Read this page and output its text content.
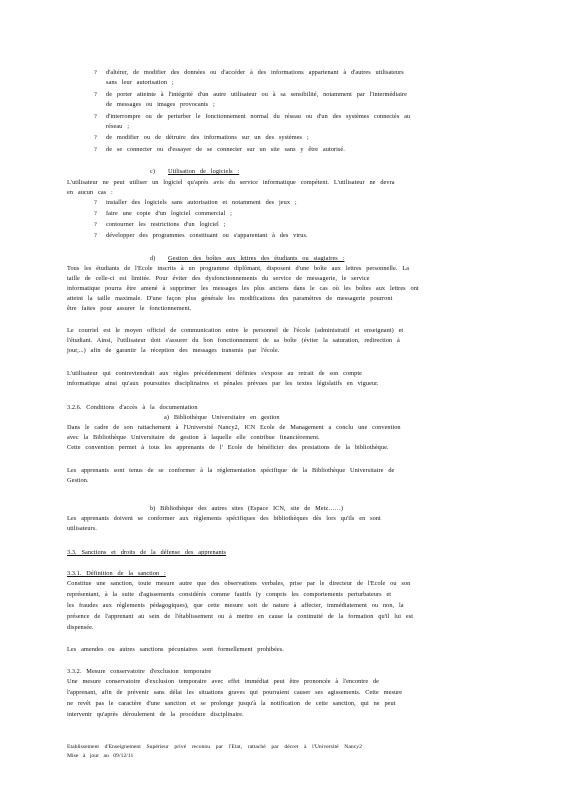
? d'altérer, de modifier des données ou d'accéder à des informations appartenant à d'autres utilisateurs
sans leur autorisation ;
? de porter atteinte à l'intégrité d'un autre utilisateur ou à sa sensibilité, notamment par l'intermédiaire
de messages ou images provocants ;
? d'interrompre ou de perturber le fonctionnement normal du réseau ou d'un des systèmes connectés au
réseau ;
? de modifier ou de détruire des informations sur un des systèmes ;
? de se connecter ou d'essayer de se connecter sur un site sans y être autorisé.
c) Utilisation de logiciels :
L'utilisateur ne peut utiliser un logiciel qu'après avis du service informatique compétent. L'utilisateur ne devra
en aucun cas :
? installer des logiciels sans autorisation et notamment des jeux ;
? faire une copie d'un logiciel commercial ;
? contourner les restrictions d'un logiciel ;
? développer des programmes constituant ou s'apparentant à des virus.
d) Gestion des boîtes aux lettres des étudiants ou stagiaires :
Tous les étudiants de l'Ecole inscrits à un programme diplômant, disposent d'une boîte aux lettres personnelle. La
taille de celle-ci est limitée. Pour éviter des dysfonctionnements du service de messagerie, le service
informatique pourra être amené à supprimer les messages les plus anciens dans le cas où les boîtes aux lettres ont
atteint la taille maximale. D'une façon plus générale les modifications des paramètres de messagerie pourront
être faites pour assurer le fonctionnement.
Le courriel est le moyen officiel de communication entre le personnel de l'école (administratif et enseignant) et
l'étudiant. Ainsi, l'utilisateur doit s'assurer du bon fonctionnement de sa boîte (éviter la saturation, redirection à
jour,...) afin de garantir la réception des messages transmis par l'école.
L'utilisateur qui contreviendrait aux règles précédemment définies s'expose au retrait de son compte
informatique ainsi qu'aux poursuites disciplinaires et pénales prévues par les textes législatifs en vigueur.
3.2.6. Conditions d'accès à la documentation
a) Bibliothèque Universitaire en gestion
Dans le cadre de son rattachement à l'Université Nancy2, ICN Ecole de Management a conclu une convention
avec la Bibliothèque Universitaire de gestion à laquelle elle contribue financièrement.
Cette convention permet à tous les apprenants de l' Ecole de bénéficier des prestations de la bibliothèque.
Les apprenants sont tenus de se conformer à la réglementation spécifique de la Bibliothèque Universitaire de
Gestion.
b) Bibliothèque des autres sites (Espace ICN, site de Metz……)
Les apprenants doivent se conformer aux règlements spécifiques des bibliothèques dès lors qu'ils en sont
utilisateurs.
3.3. Sanctions et droits de la défense des apprenants
3.3.1. Définition de la sanction :
Constitue une sanction, toute mesure autre que des observations verbales, prise par le directeur de l'Ecole ou son
représentant, à la suite d'agissements considérés comme fautifs (y compris les comportements perturbateurs et
les fraudes aux règlements pédagogiques), que cette mesure soit de nature à affecter, immédiatement ou non, la
présence de l'apprenant au sein de l'établissement ou à mettre en cause la continuité de la formation qu'il lui est
dispensée.
Les amendes ou autres sanctions pécuniaires sont formellement prohibées.
3.3.2. Mesure conservatoire d'exclusion temporaire
Une mesure conservatoire d'exclusion temporaire avec effet immédiat peut être prononcée à l'encontre de
l'apprenant, afin de prévenir sans délai les situations graves qui pourraient causer ses agissements. Cette mesure
ne revêt pas le caractère d'une sanction et se prolonge jusqu'à la notification de cette sanction, qui ne peut
intervenir qu'après déroulement de la procédure disciplinaire.
Etablissement d'Enseignement Supérieur privé reconnu par l'Etat, rattaché par décret à l'Université Nancy2
Mise à jour au 09/12/11
